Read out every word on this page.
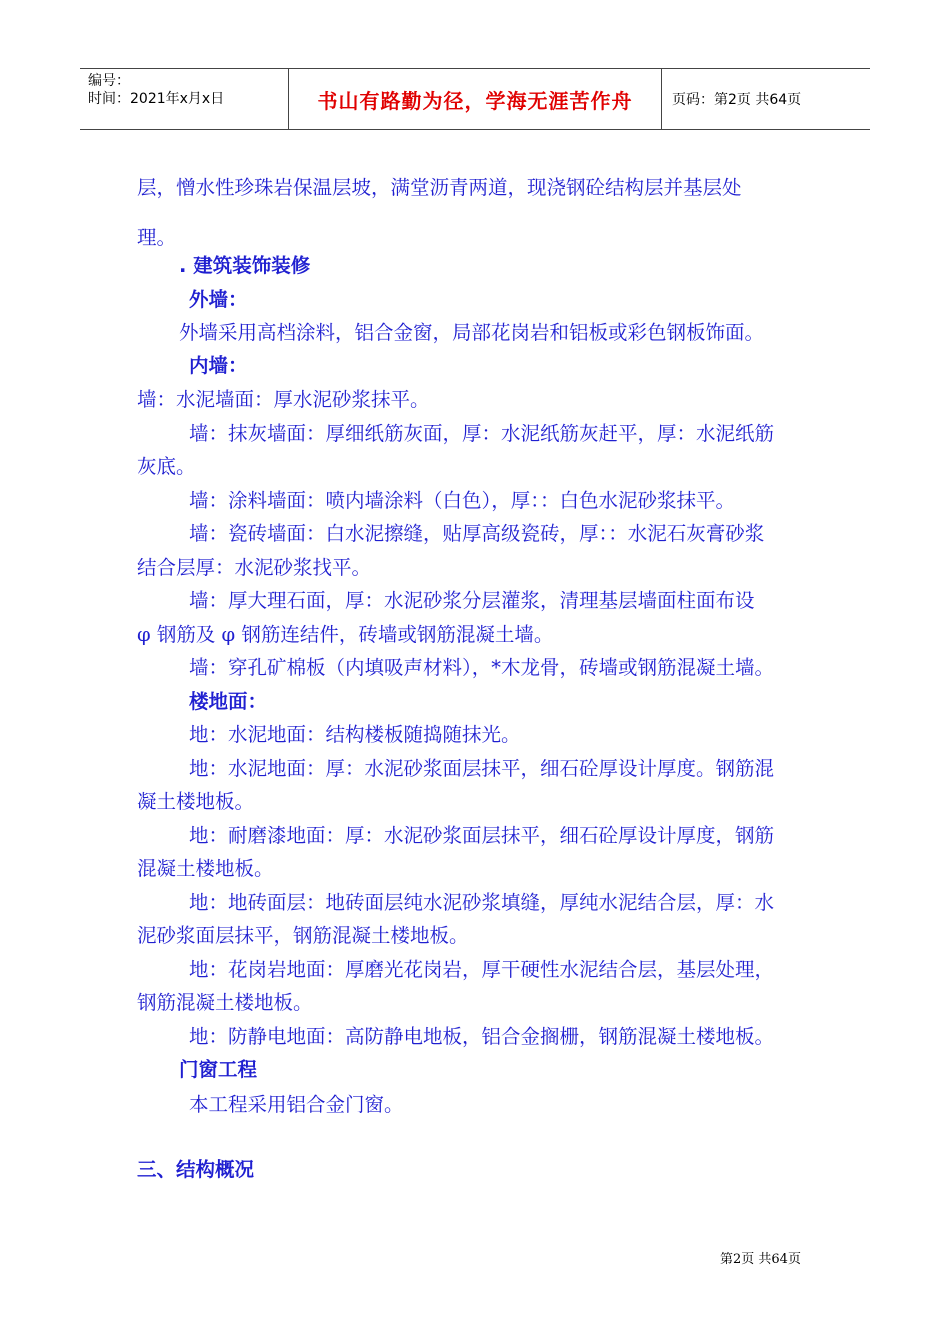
编号：
时间：2021年x月x日	书山有路勤为径，学海无涯苦作舟	页码：第2页 共64页
层，憎水性珍珠岩保温层坡，满堂沥青两道，现浇钢砼结构层并基层处
理。
. 建筑装饰装修
外墙：
外墙采用高档涂料，铝合金窗，局部花岗岩和铝板或彩色钢板饰面。
内墙：
墙：水泥墙面：厚水泥砂浆抹平。
墙：抹灰墙面：厚细纸筋灰面，厚：水泥纸筋灰赶平，厚：水泥纸筋
灰底。
墙：涂料墙面：喷内墙涂料（白色），厚：：白色水泥砂浆抹平。
墙：瓷砖墙面：白水泥擦缝，贴厚高级瓷砖，厚：：水泥石灰膏砂浆
结合层厚：水泥砂浆找平。
墙：厚大理石面，厚：水泥砂浆分层灌浆，清理基层墙面柱面布设
φ 钢筋及 φ 钢筋连结件，砖墙或钢筋混凝土墙。
墙：穿孔矿棉板（内填吸声材料），*木龙骨，砖墙或钢筋混凝土墙。
楼地面：
地：水泥地面：结构楼板随捣随抹光。
地：水泥地面：厚：水泥砂浆面层抹平，细石砼厚设计厚度。钢筋混
凝土楼地板。
地：耐磨漆地面：厚：水泥砂浆面层抹平，细石砼厚设计厚度，钢筋
混凝土楼地板。
地：地砖面层：地砖面层纯水泥砂浆填缝，厚纯水泥结合层，厚：水
泥砂浆面层抹平，钢筋混凝土楼地板。
地：花岗岩地面：厚磨光花岗岩，厚干硬性水泥结合层，基层处理，
钢筋混凝土楼地板。
地：防静电地面：高防静电地板，铝合金搁栅，钢筋混凝土楼地板。
门窗工程
本工程采用铝合金门窗。
三、结构概况
第2页 共64页
